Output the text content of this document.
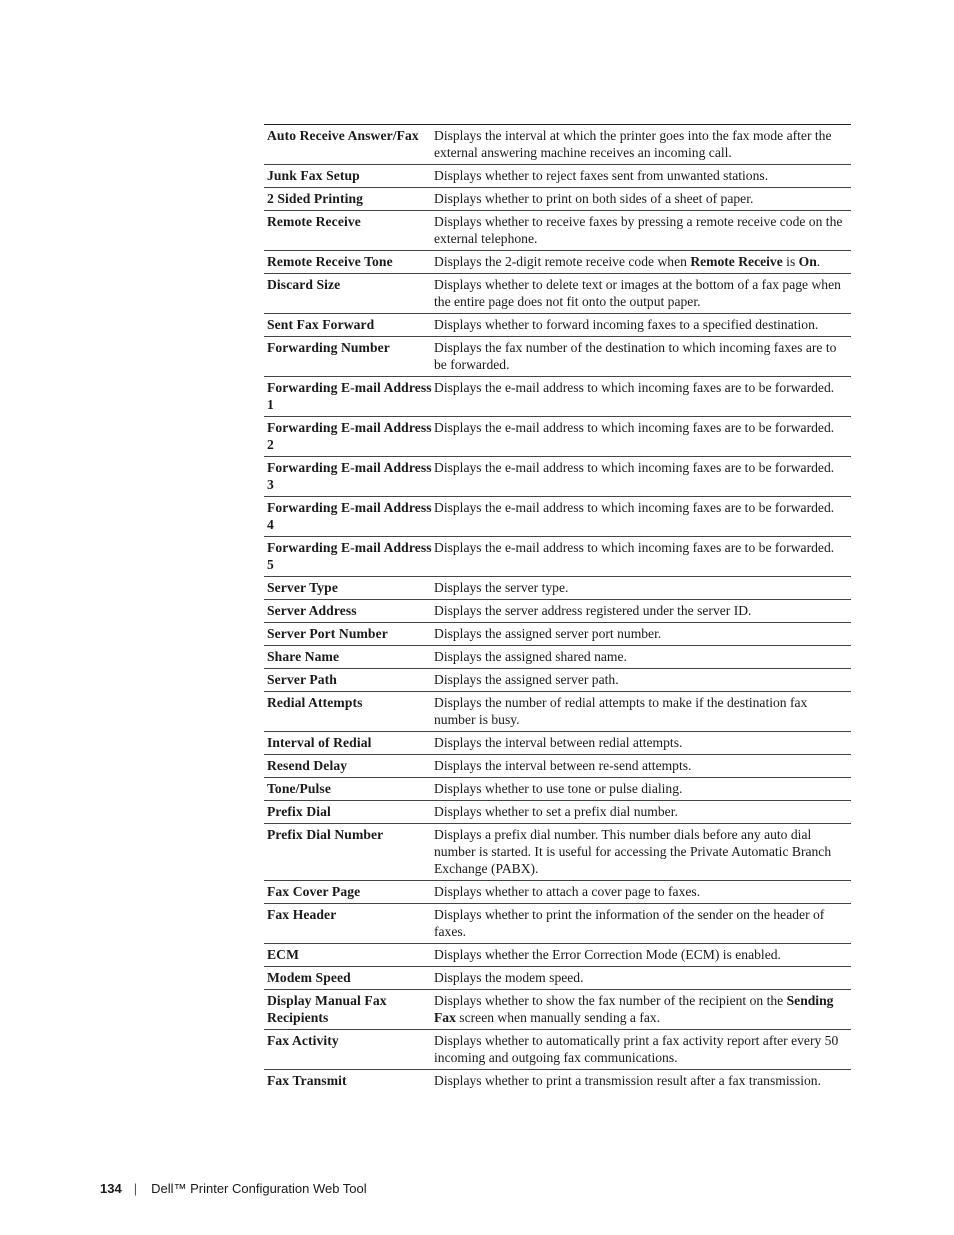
Auto Receive Answer/Fax	Displays the interval at which the printer goes into the fax mode after the external answering machine receives an incoming call.
Junk Fax Setup	Displays whether to reject faxes sent from unwanted stations.
2 Sided Printing	Displays whether to print on both sides of a sheet of paper.
Remote Receive	Displays whether to receive faxes by pressing a remote receive code on the external telephone.
Remote Receive Tone	Displays the 2-digit remote receive code when Remote Receive is On.
Discard Size	Displays whether to delete text or images at the bottom of a fax page when the entire page does not fit onto the output paper.
Sent Fax Forward	Displays whether to forward incoming faxes to a specified destination.
Forwarding Number	Displays the fax number of the destination to which incoming faxes are to be forwarded.
Forwarding E-mail Address 1	Displays the e-mail address to which incoming faxes are to be forwarded.
Forwarding E-mail Address 2	Displays the e-mail address to which incoming faxes are to be forwarded.
Forwarding E-mail Address 3	Displays the e-mail address to which incoming faxes are to be forwarded.
Forwarding E-mail Address 4	Displays the e-mail address to which incoming faxes are to be forwarded.
Forwarding E-mail Address 5	Displays the e-mail address to which incoming faxes are to be forwarded.
Server Type	Displays the server type.
Server Address	Displays the server address registered under the server ID.
Server Port Number	Displays the assigned server port number.
Share Name	Displays the assigned shared name.
Server Path	Displays the assigned server path.
Redial Attempts	Displays the number of redial attempts to make if the destination fax number is busy.
Interval of Redial	Displays the interval between redial attempts.
Resend Delay	Displays the interval between re-send attempts.
Tone/Pulse	Displays whether to use tone or pulse dialing.
Prefix Dial	Displays whether to set a prefix dial number.
Prefix Dial Number	Displays a prefix dial number. This number dials before any auto dial number is started. It is useful for accessing the Private Automatic Branch Exchange (PABX).
Fax Cover Page	Displays whether to attach a cover page to faxes.
Fax Header	Displays whether to print the information of the sender on the header of faxes.
ECM	Displays whether the Error Correction Mode (ECM) is enabled.
Modem Speed	Displays the modem speed.
Display Manual Fax Recipients	Displays whether to show the fax number of the recipient on the Sending Fax screen when manually sending a fax.
Fax Activity	Displays whether to automatically print a fax activity report after every 50 incoming and outgoing fax communications.
Fax Transmit	Displays whether to print a transmission result after a fax transmission.
134 | Dell™ Printer Configuration Web Tool
